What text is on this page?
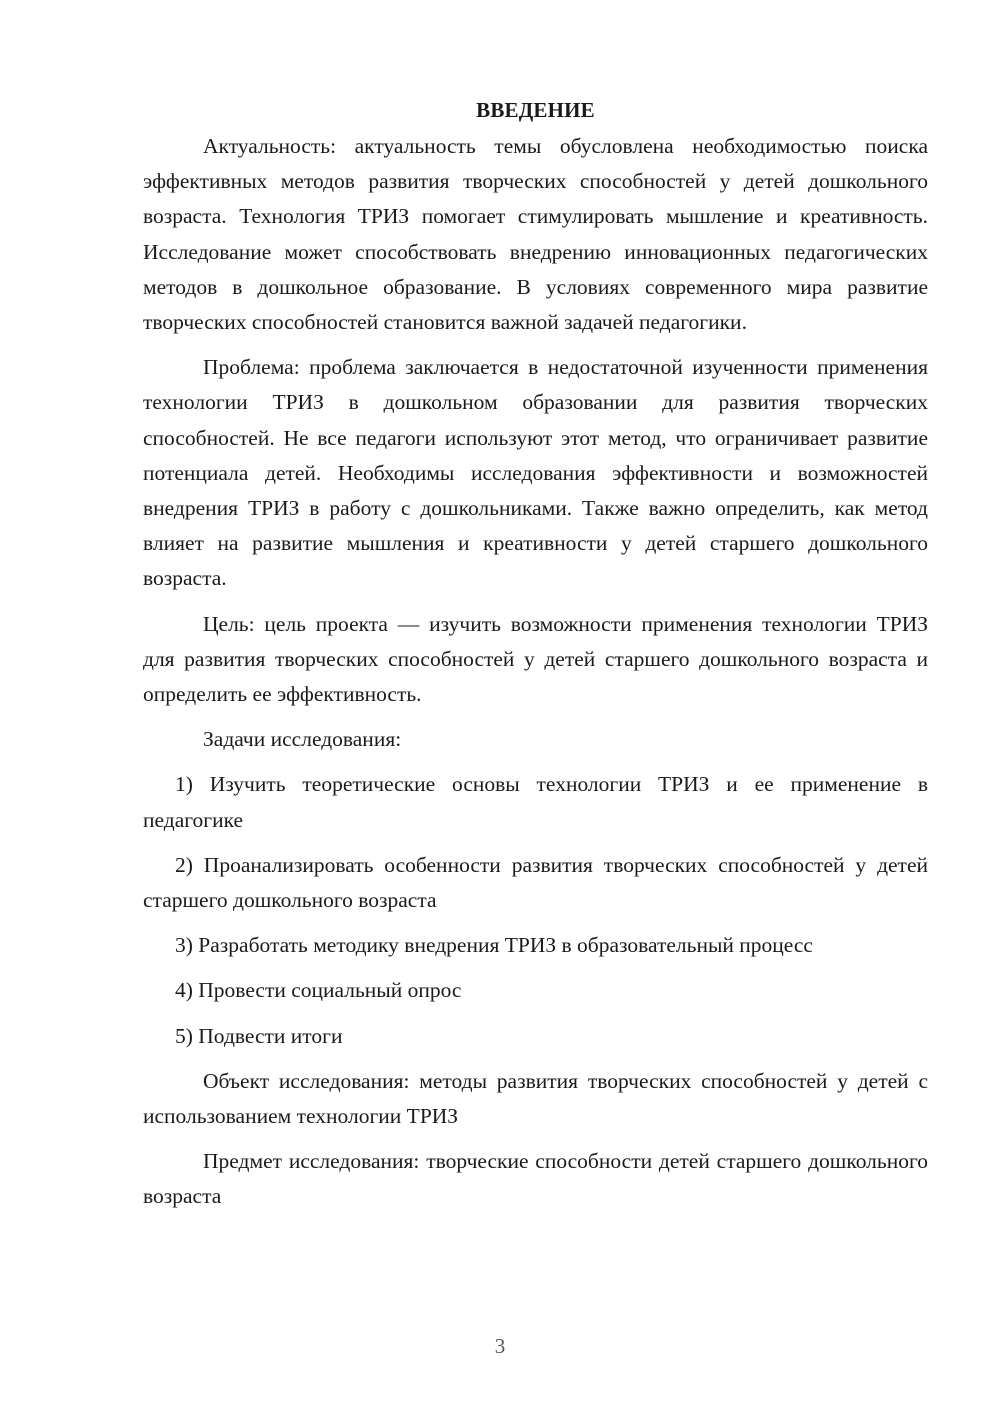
ВВЕДЕНИЕ

Актуальность: актуальность темы обусловлена необходимостью поиска эффективных методов развития творческих способностей у детей дошкольного возраста. Технология ТРИЗ помогает стимулировать мышление и креативность. Исследование может способствовать внедрению инновационных педагогических методов в дошкольное образование. В условиях современного мира развитие творческих способностей становится важной задачей педагогики.

Проблема: проблема заключается в недостаточной изученности применения технологии ТРИЗ в дошкольном образовании для развития творческих способностей. Не все педагоги используют этот метод, что ограничивает развитие потенциала детей. Необходимы исследования эффективности и возможностей внедрения ТРИЗ в работу с дошкольниками. Также важно определить, как метод влияет на развитие мышления и креативности у детей старшего дошкольного возраста.

Цель: цель проекта — изучить возможности применения технологии ТРИЗ для развития творческих способностей у детей старшего дошкольного возраста и определить ее эффективность.

Задачи исследования:

1) Изучить теоретические основы технологии ТРИЗ и ее применение в педагогике

2) Проанализировать особенности развития творческих способностей у детей старшего дошкольного возраста

3) Разработать методику внедрения ТРИЗ в образовательный процесс

4) Провести социальный опрос

5) Подвести итоги

Объект исследования: методы развития творческих способностей у детей с использованием технологии ТРИЗ

Предмет исследования: творческие способности детей старшего дошкольного возраста

3
